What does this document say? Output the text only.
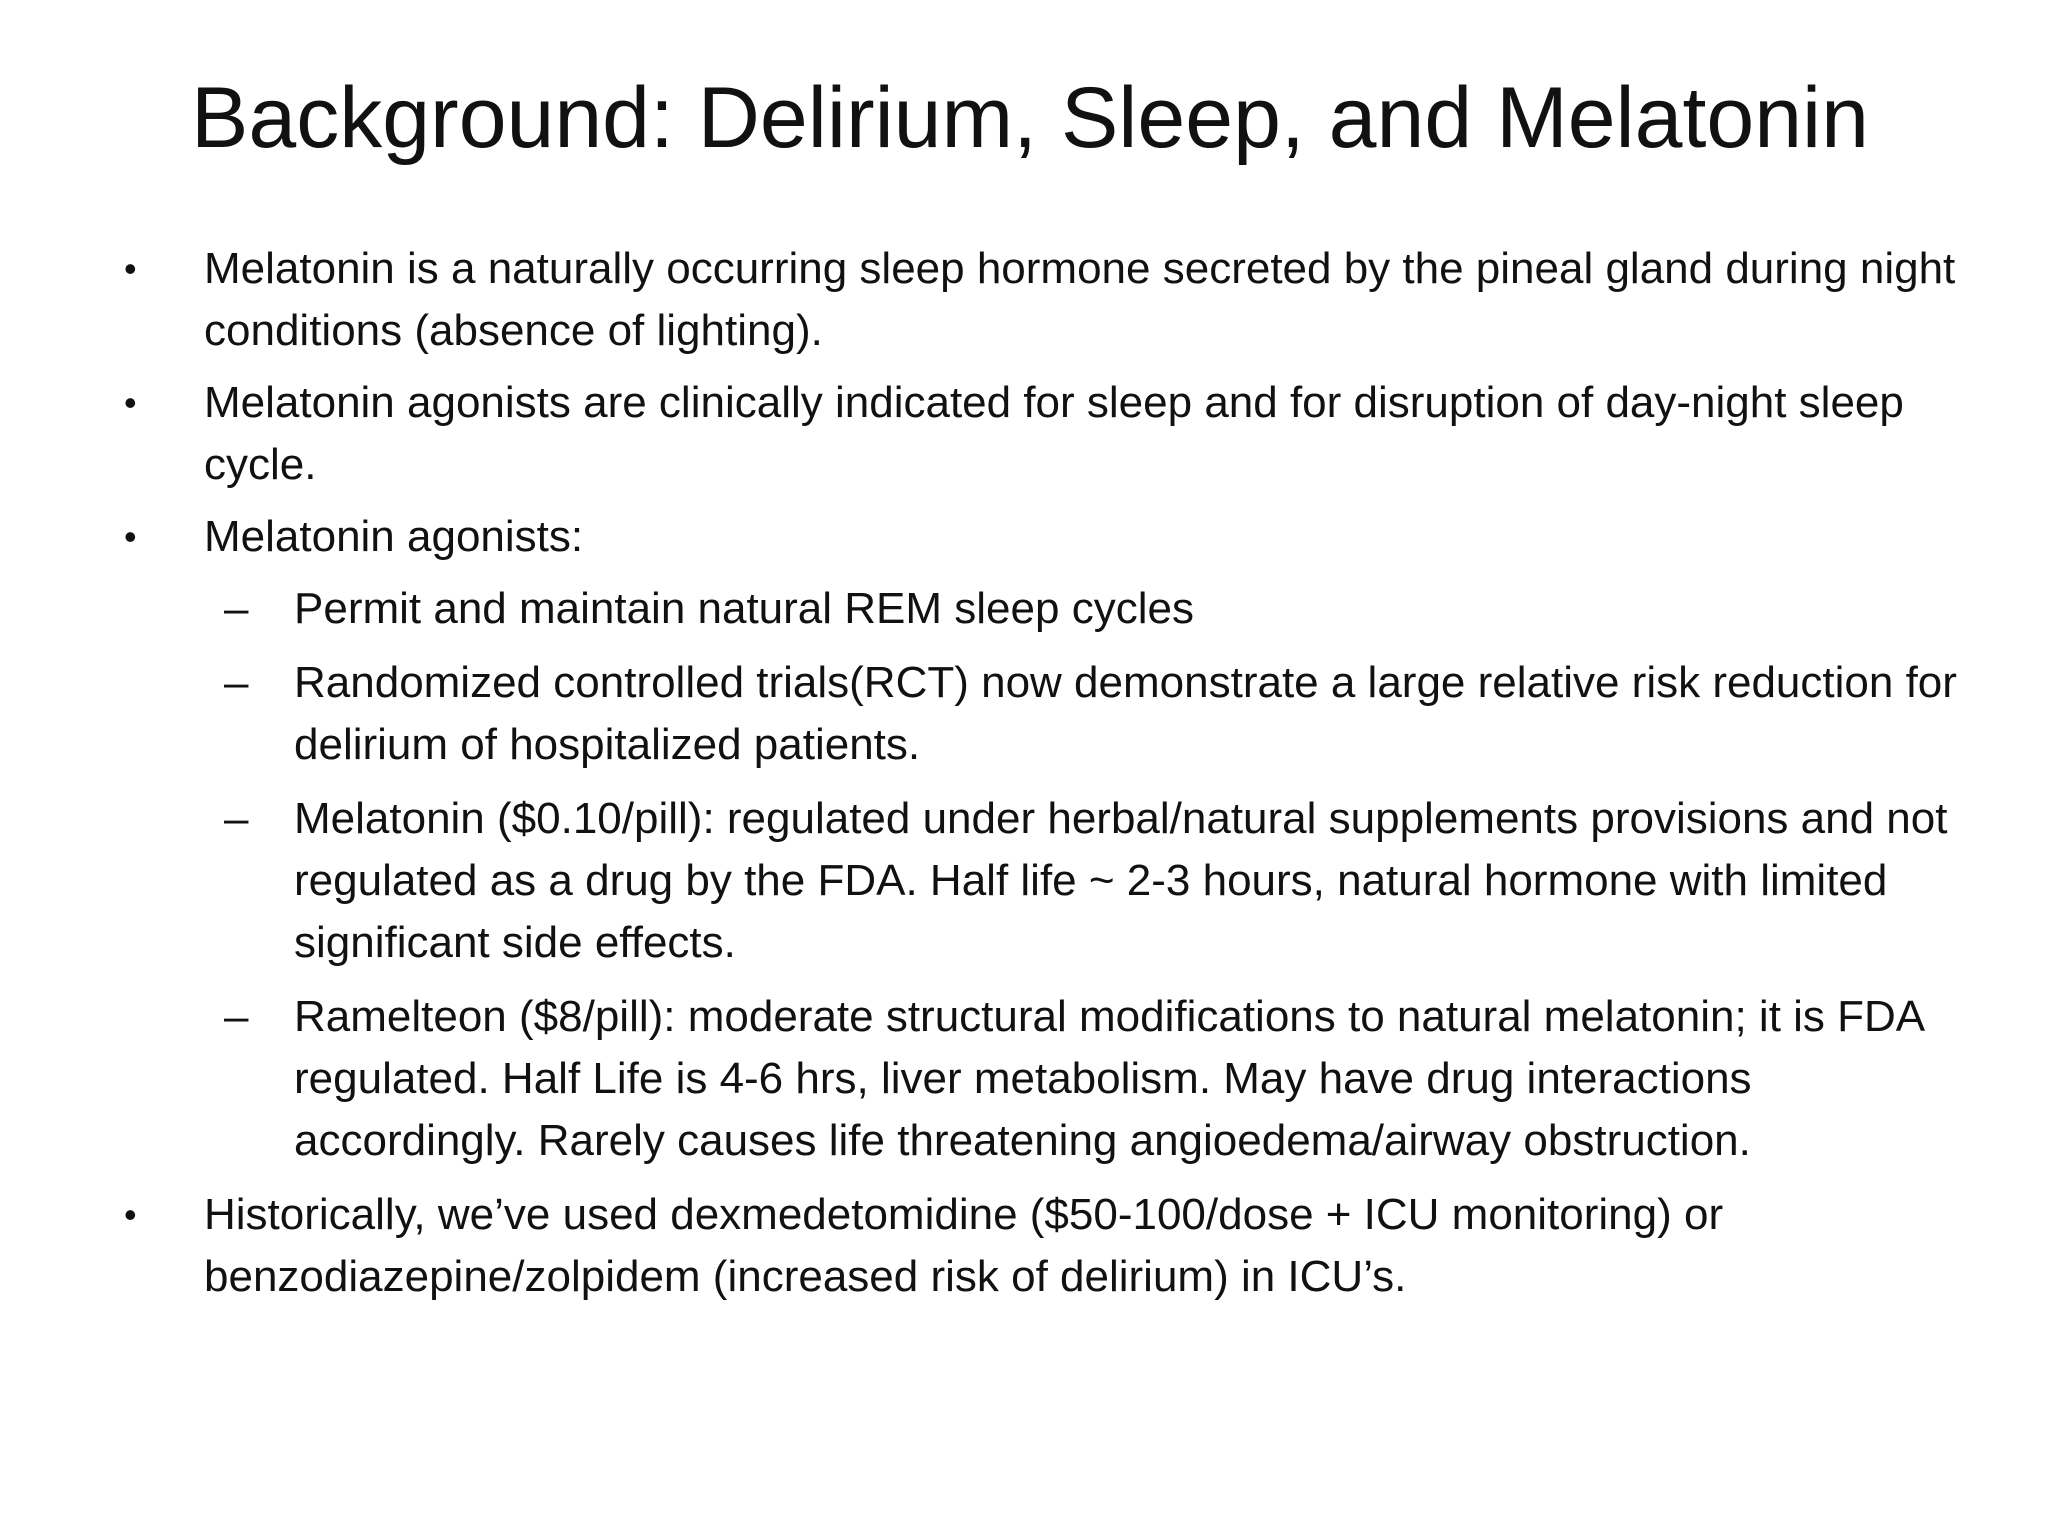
Background: Delirium, Sleep, and Melatonin
• Melatonin is a naturally occurring sleep hormone secreted by the pineal gland during night conditions (absence of lighting).
• Melatonin agonists are clinically indicated for sleep and for disruption of day-night sleep cycle.
• Melatonin agonists:
– Permit and maintain natural REM sleep cycles
– Randomized controlled trials(RCT) now demonstrate a large relative risk reduction for delirium of hospitalized patients.
– Melatonin ($0.10/pill): regulated under herbal/natural supplements provisions and not regulated as a drug by the FDA. Half life ~ 2-3 hours, natural hormone with limited significant side effects.
– Ramelteon ($8/pill): moderate structural modifications to natural melatonin; it is FDA regulated. Half Life is 4-6 hrs, liver metabolism. May have drug interactions accordingly. Rarely causes life threatening angioedema/airway obstruction.
• Historically, we’ve used dexmedetomidine ($50-100/dose + ICU monitoring) or benzodiazepine/zolpidem (increased risk of delirium) in ICU’s.
